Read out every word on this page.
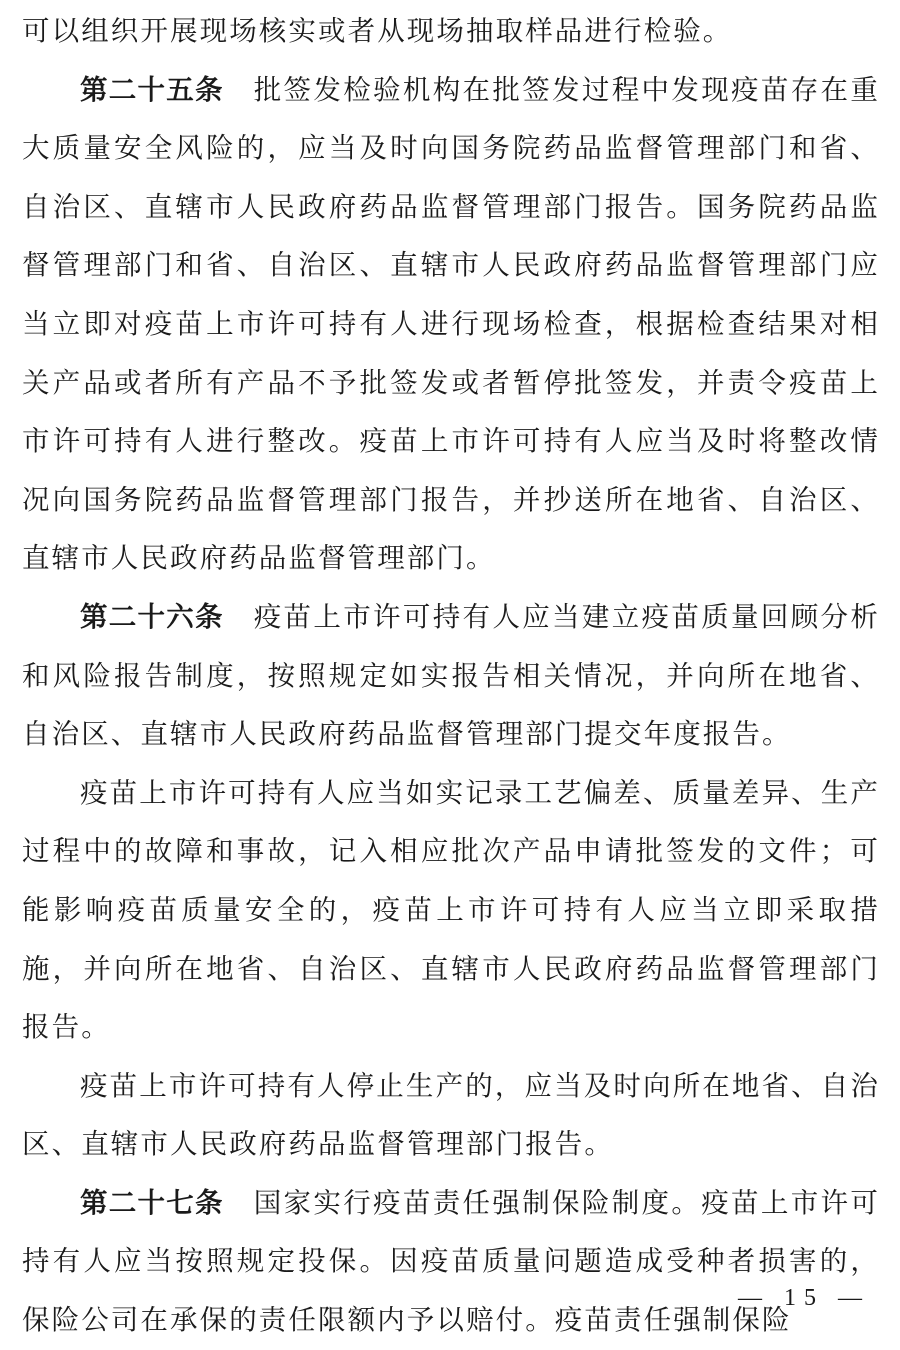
可以组织开展现场核实或者从现场抽取样品进行检验。

第二十五条 批签发检验机构在批签发过程中发现疫苗存在重大质量安全风险的，应当及时向国务院药品监督管理部门和省、自治区、直辖市人民政府药品监督管理部门报告。国务院药品监督管理部门和省、自治区、直辖市人民政府药品监督管理部门应当立即对疫苗上市许可持有人进行现场检查，根据检查结果对相关产品或者所有产品不予批签发或者暂停批签发，并责令疫苗上市许可持有人进行整改。疫苗上市许可持有人应当及时将整改情况向国务院药品监督管理部门报告，并抄送所在地省、自治区、直辖市人民政府药品监督管理部门。

第二十六条 疫苗上市许可持有人应当建立疫苗质量回顾分析和风险报告制度，按照规定如实报告相关情况，并向所在地省、自治区、直辖市人民政府药品监督管理部门提交年度报告。

疫苗上市许可持有人应当如实记录工艺偏差、质量差异、生产过程中的故障和事故，记入相应批次产品申请批签发的文件；可能影响疫苗质量安全的，疫苗上市许可持有人应当立即采取措施，并向所在地省、自治区、直辖市人民政府药品监督管理部门报告。

疫苗上市许可持有人停止生产的，应当及时向所在地省、自治区、直辖市人民政府药品监督管理部门报告。

第二十七条 国家实行疫苗责任强制保险制度。疫苗上市许可持有人应当按照规定投保。因疫苗质量问题造成受种者损害的，保险公司在承保的责任限额内予以赔付。疫苗责任强制保险

— 15 —
